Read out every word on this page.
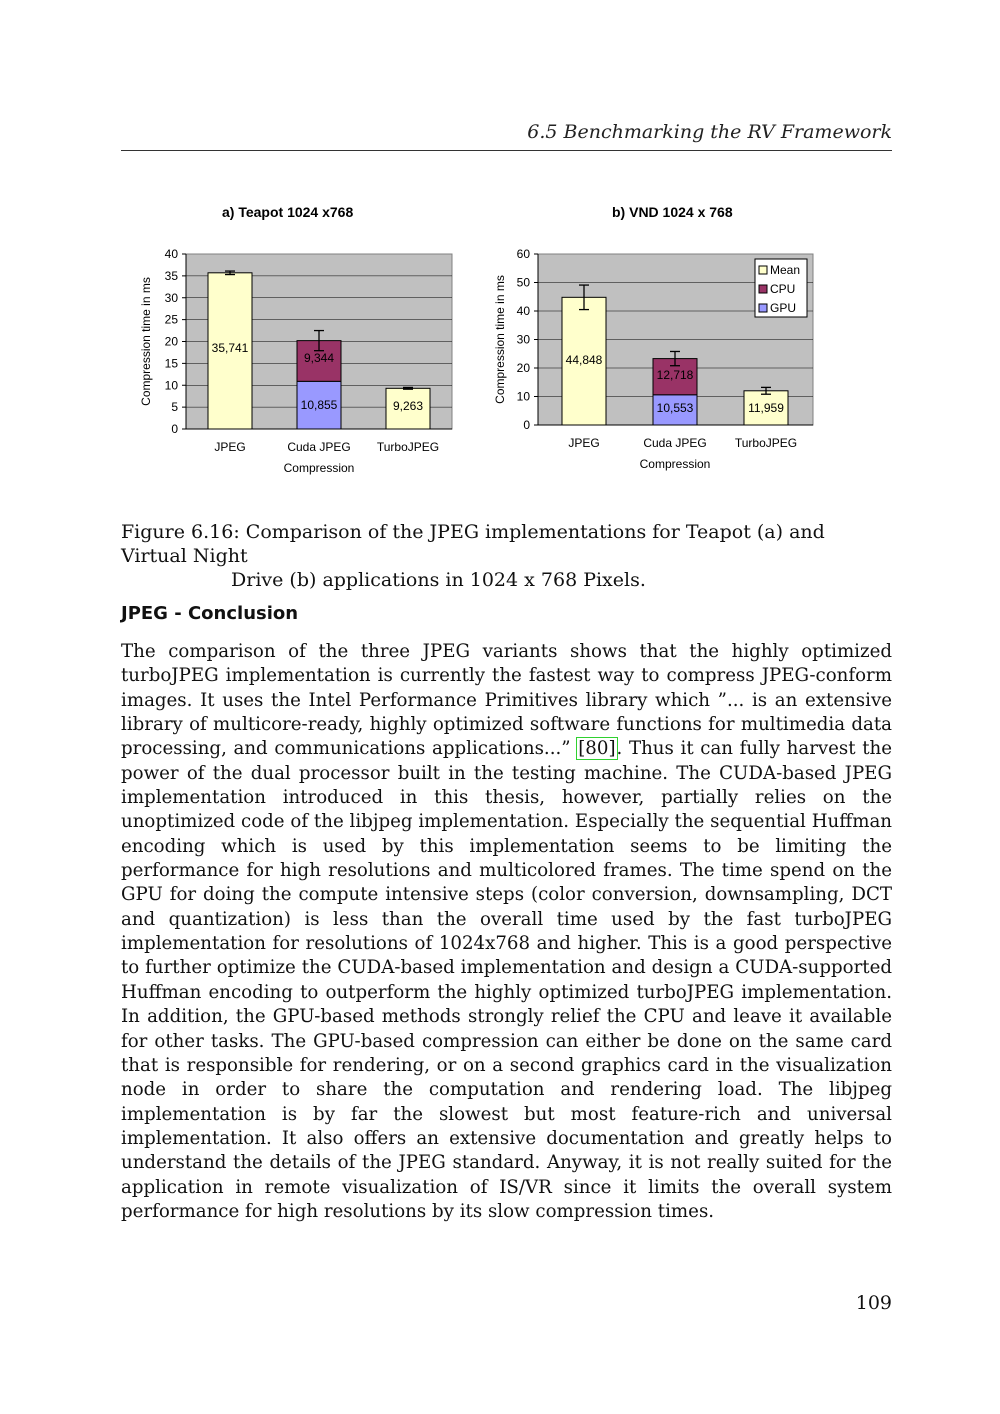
6.5 Benchmarking the RV Framework
a) Teapot 1024 x768	b) VND 1024 x 768
0
5
10
15
20
25
30
35
40
Compression time in ms
JPEG	Cuda JPEG TurboJPEG
35,741
9,344
10,855	9,263
Compression
0
10
20
30
40
50
60
Compression time in ms
JPEG	Cuda JPEG TurboJPEG
44,848
12,718
10,553	11,959
Compression
Mean
CPU
GPU
Figure 6.16: Comparison of the JPEG implementations for Teapot (a) and Virtual Night
Drive (b) applications in 1024 x 768 Pixels.
JPEG - Conclusion

The comparison of the three JPEG variants shows that the highly optimized turboJPEG implementation is currently the fastest way to compress JPEG-conform images. It uses the Intel Performance Primitives library which ”... is an extensive library of multicore-ready, highly optimized software functions for multimedia data processing, and communications applications...” [80]. Thus it can fully harvest the power of the dual processor built in the testing machine. The CUDA-based JPEG implementation introduced in this thesis, however, partially relies on the unoptimized code of the libjpeg implementation. Especially the sequential Huffman encoding which is used by this implementation seems to be limiting the performance for high resolutions and multicolored frames. The time spend on the GPU for doing the compute intensive steps (color conversion, downsampling, DCT and quantization) is less than the overall time used by the fast turboJPEG implementation for resolutions of 1024x768 and higher. This is a good perspective to further optimize the CUDA-based implementation and design a CUDA-supported Huffman encoding to outperform the highly optimized turboJPEG implementation. In addition, the GPU-based methods strongly relief the CPU and leave it available for other tasks. The GPU-based compression can either be done on the same card that is responsible for rendering, or on a second graphics card in the visualization node in order to share the computation and rendering load. The libjpeg implementation is by far the slowest but most feature-rich and universal implementation. It also offers an extensive documentation and greatly helps to understand the details of the JPEG standard. Anyway, it is not really suited for the application in remote visualization of IS/VR since it limits the overall system performance for high resolutions by its slow compression times.

109
